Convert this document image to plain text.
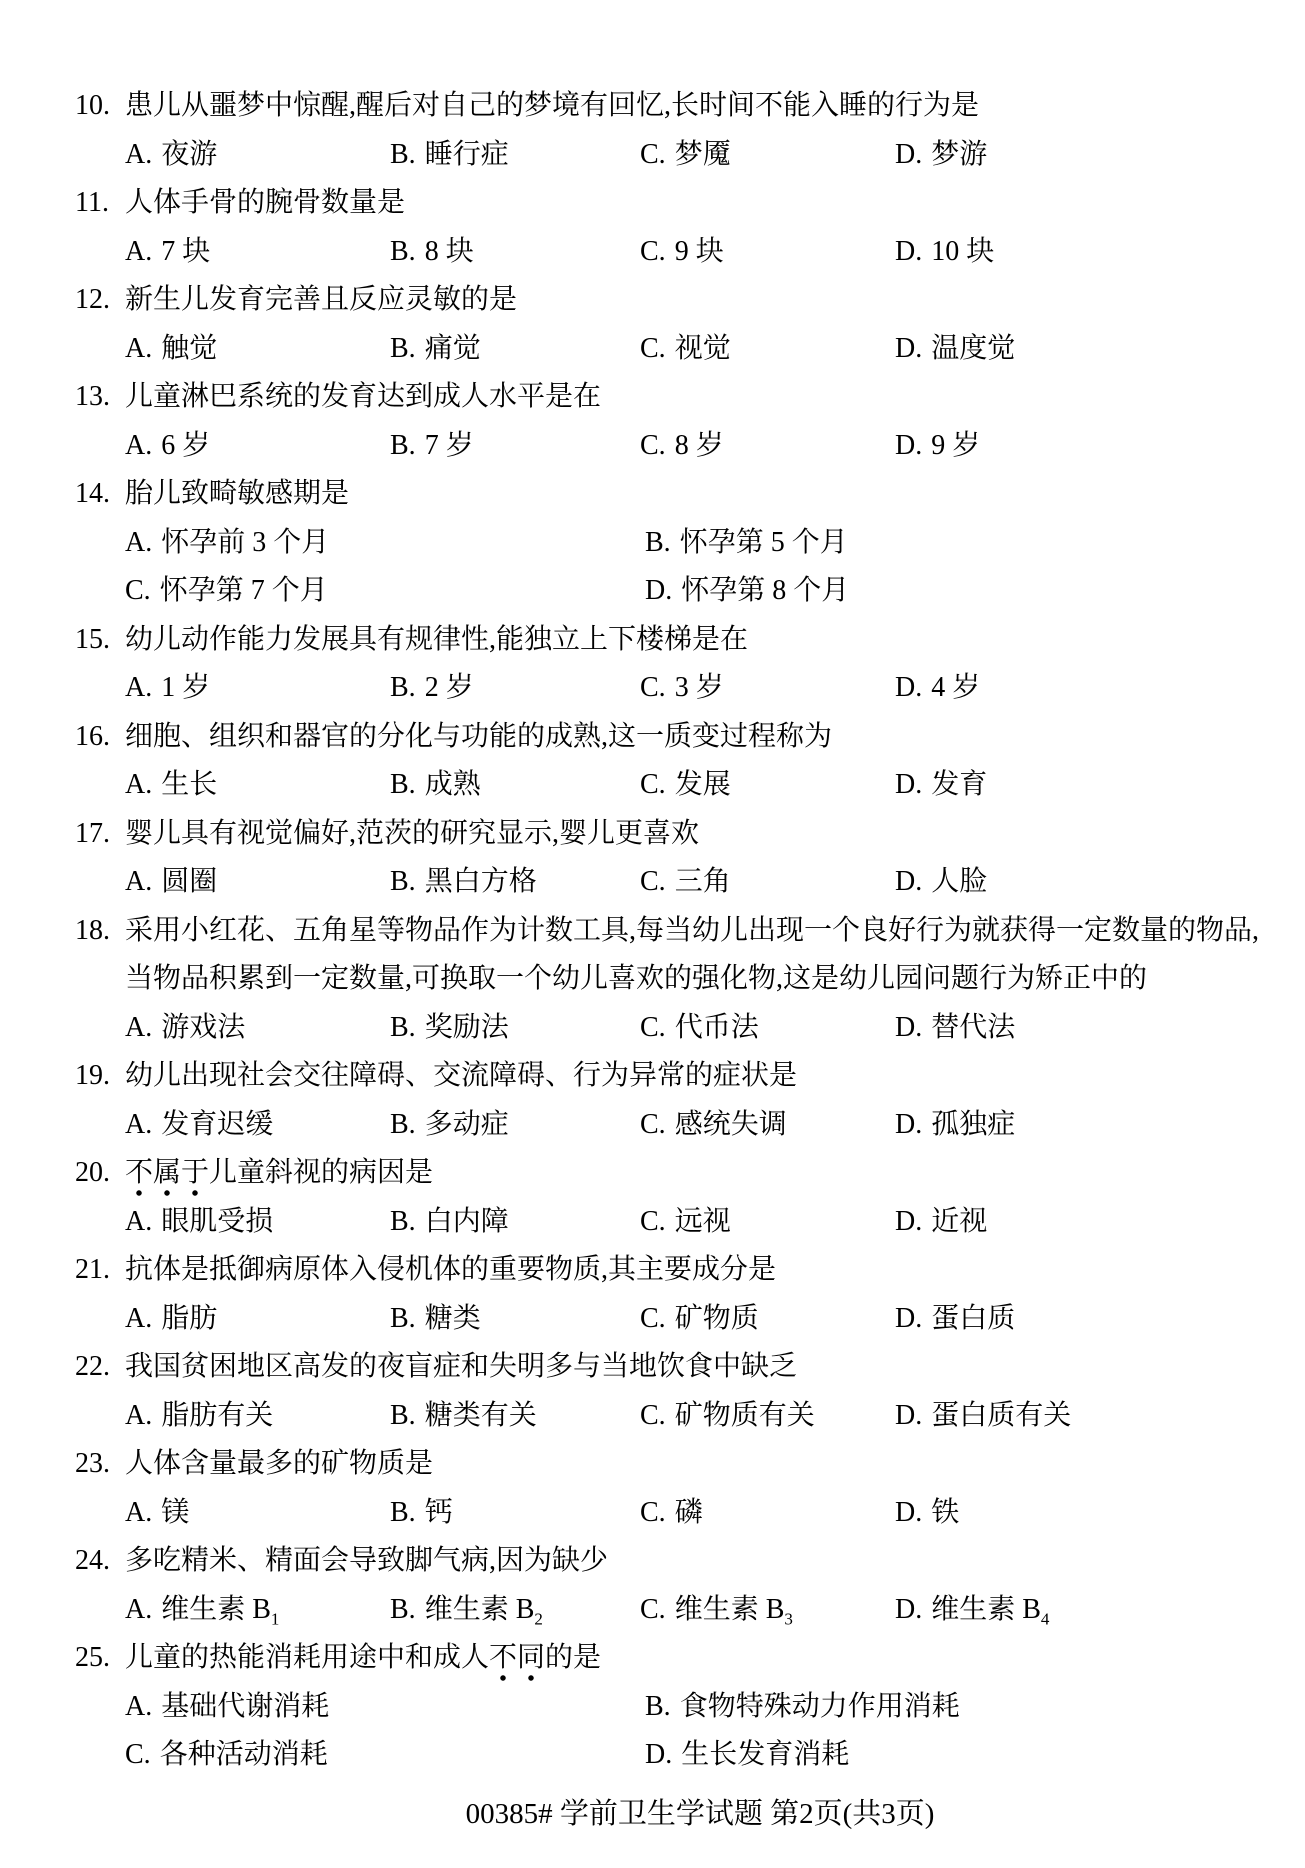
10. 患儿从噩梦中惊醒,醒后对自己的梦境有回忆,长时间不能入睡的行为是
A. 夜游	B. 睡行症	C. 梦魇	D. 梦游
11. 人体手骨的腕骨数量是
A. 7 块	B. 8 块	C. 9 块	D. 10 块
12. 新生儿发育完善且反应灵敏的是
A. 触觉	B. 痛觉	C. 视觉	D. 温度觉
13. 儿童淋巴系统的发育达到成人水平是在
A. 6 岁	B. 7 岁	C. 8 岁	D. 9 岁
14. 胎儿致畸敏感期是
A. 怀孕前 3 个月	B. 怀孕第 5 个月
C. 怀孕第 7 个月	D. 怀孕第 8 个月
15. 幼儿动作能力发展具有规律性,能独立上下楼梯是在
A. 1 岁	B. 2 岁	C. 3 岁	D. 4 岁
16. 细胞、组织和器官的分化与功能的成熟,这一质变过程称为
A. 生长	B. 成熟	C. 发展	D. 发育
17. 婴儿具有视觉偏好,范茨的研究显示,婴儿更喜欢
A. 圆圈	B. 黑白方格	C. 三角	D. 人脸
18. 采用小红花、五角星等物品作为计数工具,每当幼儿出现一个良好行为就获得一定数量的物品,
当物品积累到一定数量,可换取一个幼儿喜欢的强化物,这是幼儿园问题行为矫正中的
A. 游戏法	B. 奖励法	C. 代币法	D. 替代法
19. 幼儿出现社会交往障碍、交流障碍、行为异常的症状是
A. 发育迟缓	B. 多动症	C. 感统失调	D. 孤独症
20. 不属于儿童斜视的病因是
A. 眼肌受损	B. 白内障	C. 远视	D. 近视
21. 抗体是抵御病原体入侵机体的重要物质,其主要成分是
A. 脂肪	B. 糖类	C. 矿物质	D. 蛋白质
22. 我国贫困地区高发的夜盲症和失明多与当地饮食中缺乏
A. 脂肪有关	B. 糖类有关	C. 矿物质有关	D. 蛋白质有关
23. 人体含量最多的矿物质是
A. 镁	B. 钙	C. 磷	D. 铁
24. 多吃精米、精面会导致脚气病,因为缺少
A. 维生素 $B_1$	B. 维生素 $B_2$	C. 维生素 $B_3$	D. 维生素 $B_4$
25. 儿童的热能消耗用途中和成人不同的是
A. 基础代谢消耗	B. 食物特殊动力作用消耗
C. 各种活动消耗	D. 生长发育消耗
00385# 学前卫生学试题 第2页(共3页)
